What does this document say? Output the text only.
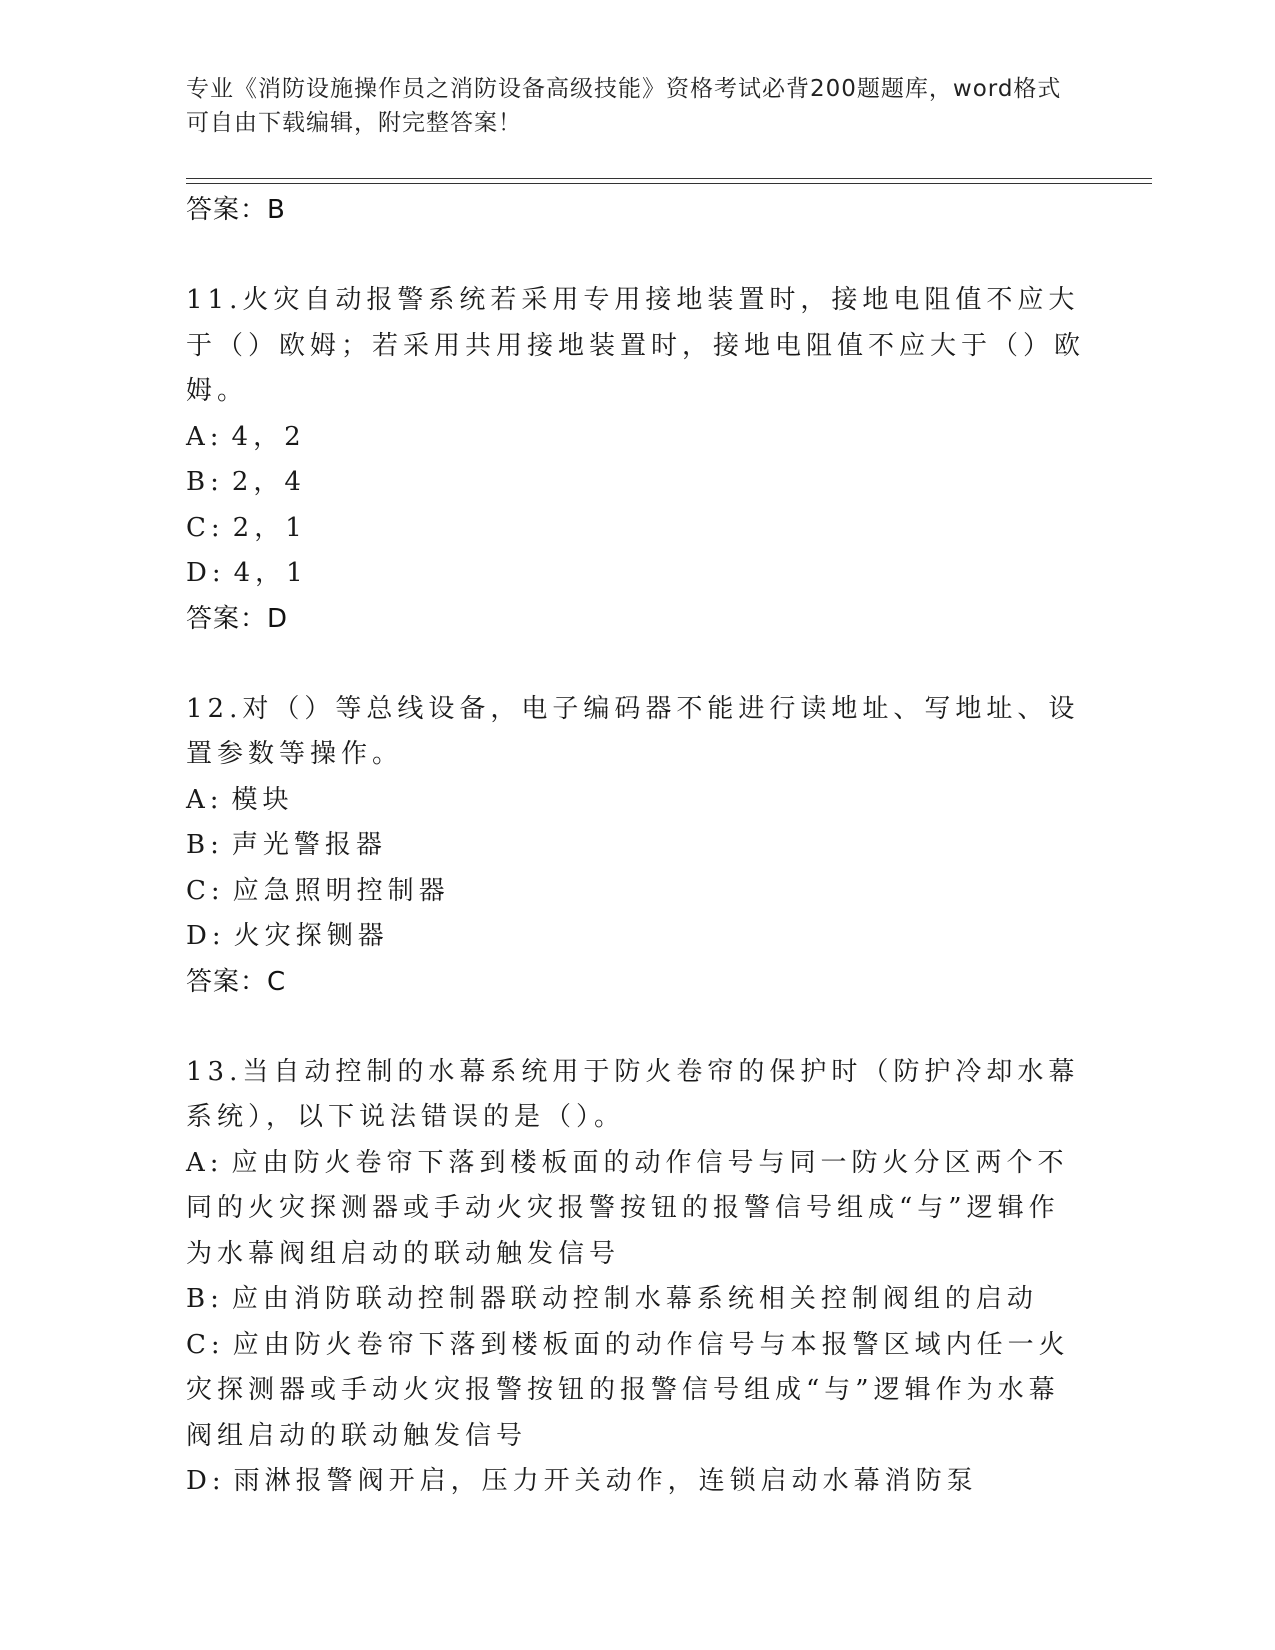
专业《消防设施操作员之消防设备高级技能》资格考试必背200题题库，word格式可自由下载编辑，附完整答案！
答案：B
11.火灾自动报警系统若采用专用接地装置时，接地电阻值不应大于（）欧姆；若采用共用接地装置时，接地电阻值不应大于（）欧姆。
A: 4，2
B: 2，4
C: 2，1
D: 4，1
答案：D
12.对（）等总线设备，电子编码器不能进行读地址、写地址、设置参数等操作。
A: 模块
B: 声光警报器
C: 应急照明控制器
D: 火灾探铡器
答案：C
13.当自动控制的水幕系统用于防火卷帘的保护时（防护冷却水幕系统），以下说法错误的是（）。
A: 应由防火卷帘下落到楼板面的动作信号与同一防火分区两个不同的火灾探测器或手动火灾报警按钮的报警信号组成“与”逻辑作为水幕阀组启动的联动触发信号
B: 应由消防联动控制器联动控制水幕系统相关控制阀组的启动
C: 应由防火卷帘下落到楼板面的动作信号与本报警区域内任一火灾探测器或手动火灾报警按钮的报警信号组成“与”逻辑作为水幕阀组启动的联动触发信号
D: 雨淋报警阀开启，压力开关动作，连锁启动水幕消防泵
